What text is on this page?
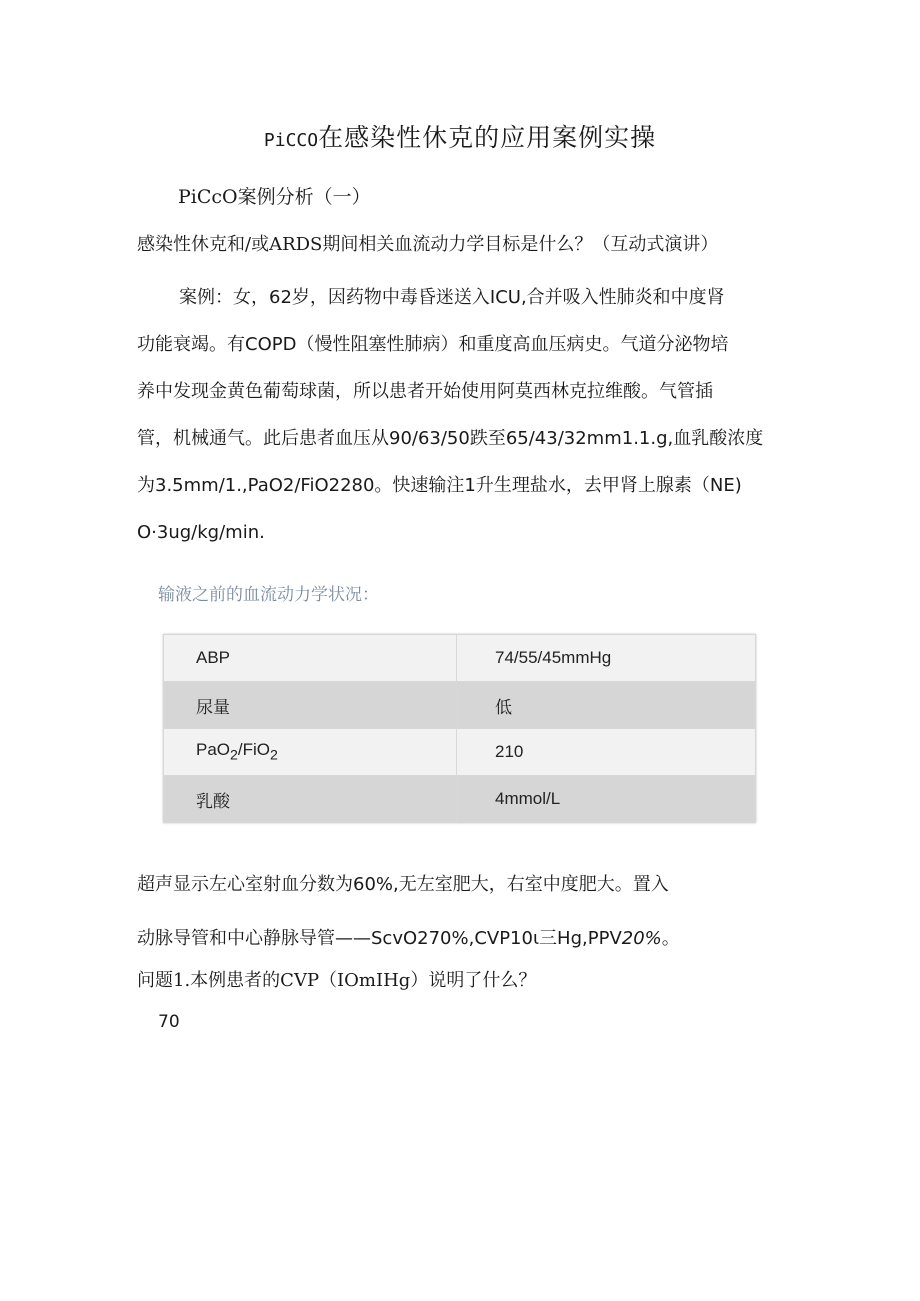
PiCCO在感染性休克的应用案例实操
PiCcO案例分析（一）
感染性休克和/或ARDS期间相关血流动力学目标是什么？（互动式演讲）

案例：女，62岁，因药物中毒昏迷送入ICU,合并吸入性肺炎和中度肾

功能衰竭。有COPD（慢性阻塞性肺病）和重度高血压病史。气道分泌物培

养中发现金黄色葡萄球菌，所以患者开始使用阿莫西林克拉维酸。气管插

管，机械通气。此后患者血压从90/63/50跌至65/43/32mm1.1.g,血乳酸浓度

为3.5mm/1.,PaO2/FiO2280。快速输注1升生理盐水，去甲肾上腺素（NE)

O·3ug/kg/min.

输液之前的血流动力学状况：
ABP	74/55/45mmHg
尿量	低
PaO$_2$/FiO$_2$	210
乳酸	4mmol/L

超声显示左心室射血分数为60%,无左室肥大，右室中度肥大。置入

动脉导管和中心静脉导管——ScvO270%,CVP10ι三Hg,PPV20%。

问题1.本例患者的CVP（IOmIHg）说明了什么？
70
